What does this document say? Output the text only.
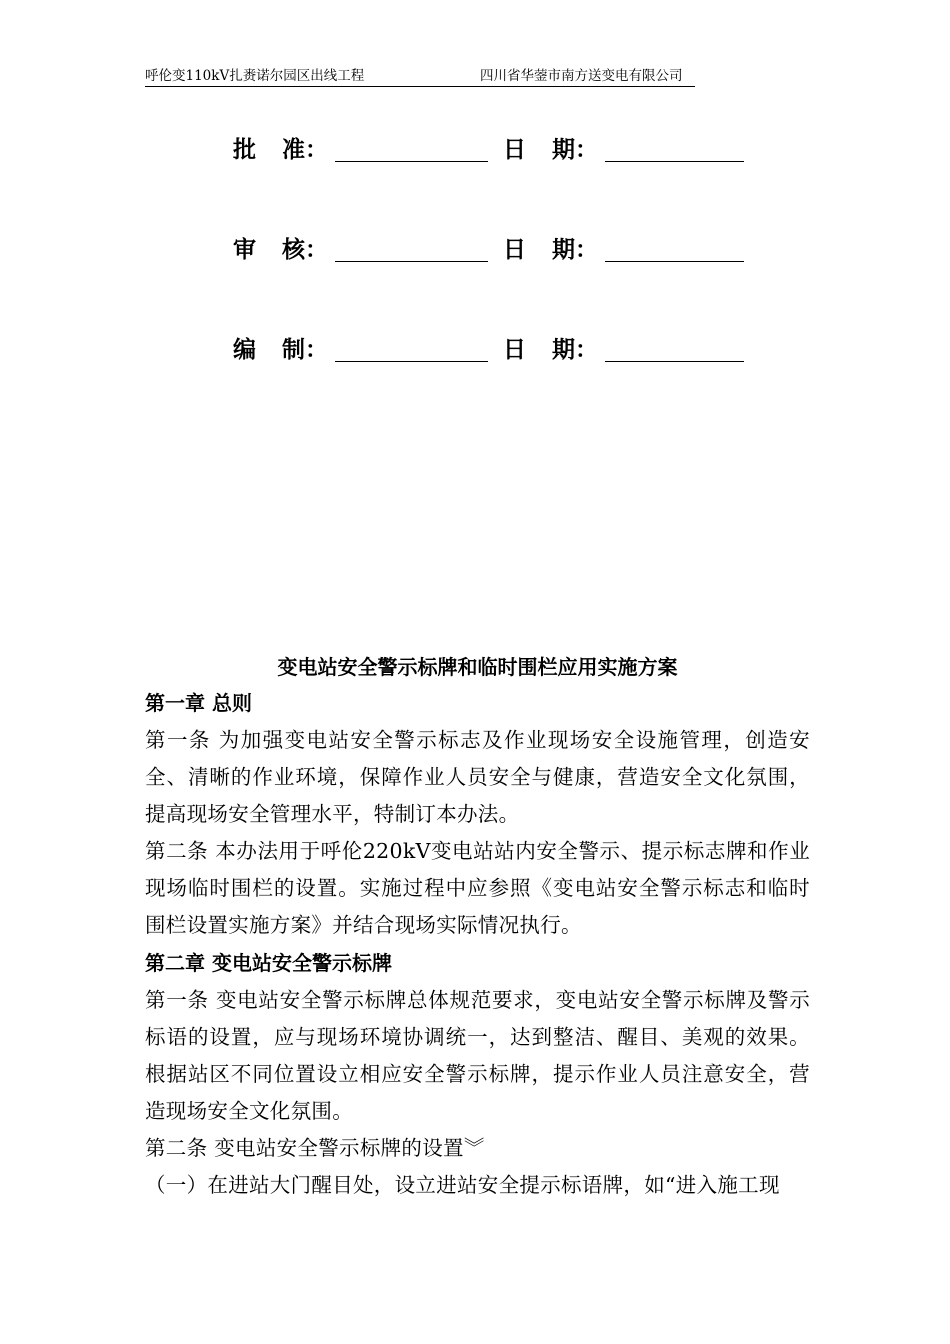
呼伦变110kV扎赉诺尔园区出线工程	四川省华蓥市南方送变电有限公司
批 准：	日 期：
审 核：	日 期：
编 制：	日 期：

变电站安全警示标牌和临时围栏应用实施方案

第一章 总则

第一条 为加强变电站安全警示标志及作业现场安全设施管理，创造安全、清晰的作业环境，保障作业人员安全与健康，营造安全文化氛围，提高现场安全管理水平，特制订本办法。

第二条 本办法用于呼伦220kV变电站站内安全警示、提示标志牌和作业现场临时围栏的设置。实施过程中应参照《变电站安全警示标志和临时围栏设置实施方案》并结合现场实际情况执行。

第二章 变电站安全警示标牌

第一条 变电站安全警示标牌总体规范要求，变电站安全警示标牌及警示标语的设置，应与现场环境协调统一，达到整洁、醒目、美观的效果。根据站区不同位置设立相应安全警示标牌，提示作业人员注意安全，营造现场安全文化氛围。

第二条 变电站安全警示标牌的设置︾

（一）在进站大门醒目处，设立进站安全提示标语牌，如“进入施工现
